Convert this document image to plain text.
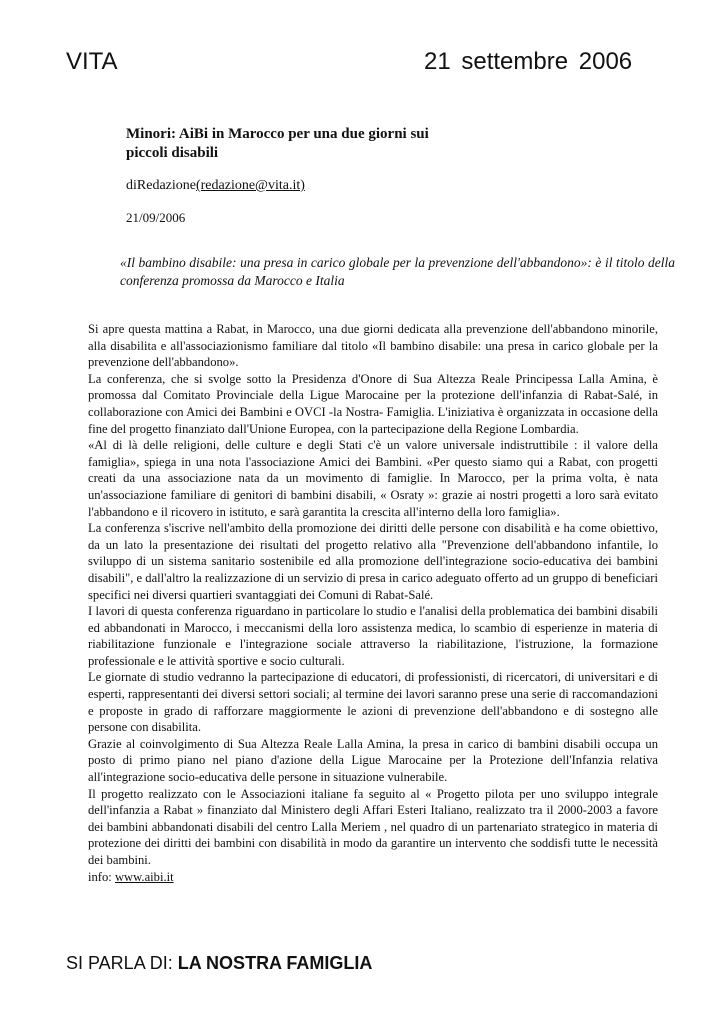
VITA	21 settembre 2006
Minori: AiBi in Marocco per una due giorni sui piccoli disabili
diRedazione(redazione@vita.it)
21/09/2006
«Il bambino disabile: una presa in carico globale per la prevenzione dell'abbandono»: è il titolo della conferenza promossa da Marocco e Italia

Si apre questa mattina a Rabat, in Marocco, una due giorni dedicata alla prevenzione dell'abbandono minorile, alla disabilita e all'associazionismo familiare dal titolo «Il bambino disabile: una presa in carico globale per la prevenzione dell'abbandono».

La conferenza, che si svolge sotto la Presidenza d'Onore di Sua Altezza Reale Principessa Lalla Amina, è promossa dal Comitato Provinciale della Ligue Marocaine per la protezione dell'infanzia di Rabat-Salé, in collaborazione con Amici dei Bambini e OVCI -la Nostra- Famiglia. L'iniziativa è organizzata in occasione della fine del progetto finanziato dall'Unione Europea, con la partecipazione della Regione Lombardia.

«Al di là delle religioni, delle culture e degli Stati c'è un valore universale indistruttibile : il valore della famiglia», spiega in una nota l'associazione Amici dei Bambini. «Per questo siamo qui a Rabat, con progetti creati da una associazione nata da un movimento di famiglie. In Marocco, per la prima volta, è nata un'associazione familiare di genitori di bambini disabili, « Osraty »: grazie ai nostri progetti a loro sarà evitato l'abbandono e il ricovero in istituto, e sarà garantita la crescita all'interno della loro famiglia».

La conferenza s'iscrive nell'ambito della promozione dei diritti delle persone con disabilità e ha come obiettivo, da un lato la presentazione dei risultati del progetto relativo alla "Prevenzione dell'abbandono infantile, lo sviluppo di un sistema sanitario sostenibile ed alla promozione dell'integrazione socio-educativa dei bambini disabili", e dall'altro la realizzazione di un servizio di presa in carico adeguato offerto ad un gruppo di beneficiari specifici nei diversi quartieri svantaggiati dei Comuni di Rabat-Salé.

I lavori di questa conferenza riguardano in particolare lo studio e l'analisi della problematica dei bambini disabili ed abbandonati in Marocco, i meccanismi della loro assistenza medica, lo scambio di esperienze in materia di riabilitazione funzionale e l'integrazione sociale attraverso la riabilitazione, l'istruzione, la formazione professionale e le attività sportive e socio culturali.

Le giornate di studio vedranno la partecipazione di educatori, di professionisti, di ricercatori, di universitari e di esperti, rappresentanti dei diversi settori sociali; al termine dei lavori saranno prese una serie di raccomandazioni e proposte in grado di rafforzare maggiormente le azioni di prevenzione dell'abbandono e di sostegno alle persone con disabilita.

Grazie al coinvolgimento di Sua Altezza Reale Lalla Amina, la presa in carico di bambini disabili occupa un posto di primo piano nel piano d'azione della Ligue Marocaine per la Protezione dell'Infanzia relativa all'integrazione socio-educativa delle persone in situazione vulnerabile.

Il progetto realizzato con le Associazioni italiane fa seguito al « Progetto pilota per uno sviluppo integrale dell'infanzia a Rabat » finanziato dal Ministero degli Affari Esteri Italiano, realizzato tra il 2000-2003 a favore dei bambini abbandonati disabili del centro Lalla Meriem , nel quadro di un partenariato strategico in materia di protezione dei diritti dei bambini con disabilità in modo da garantire un intervento che soddisfi tutte le necessità dei bambini.

info: www.aibi.it

SI PARLA DI: LA NOSTRA FAMIGLIA
